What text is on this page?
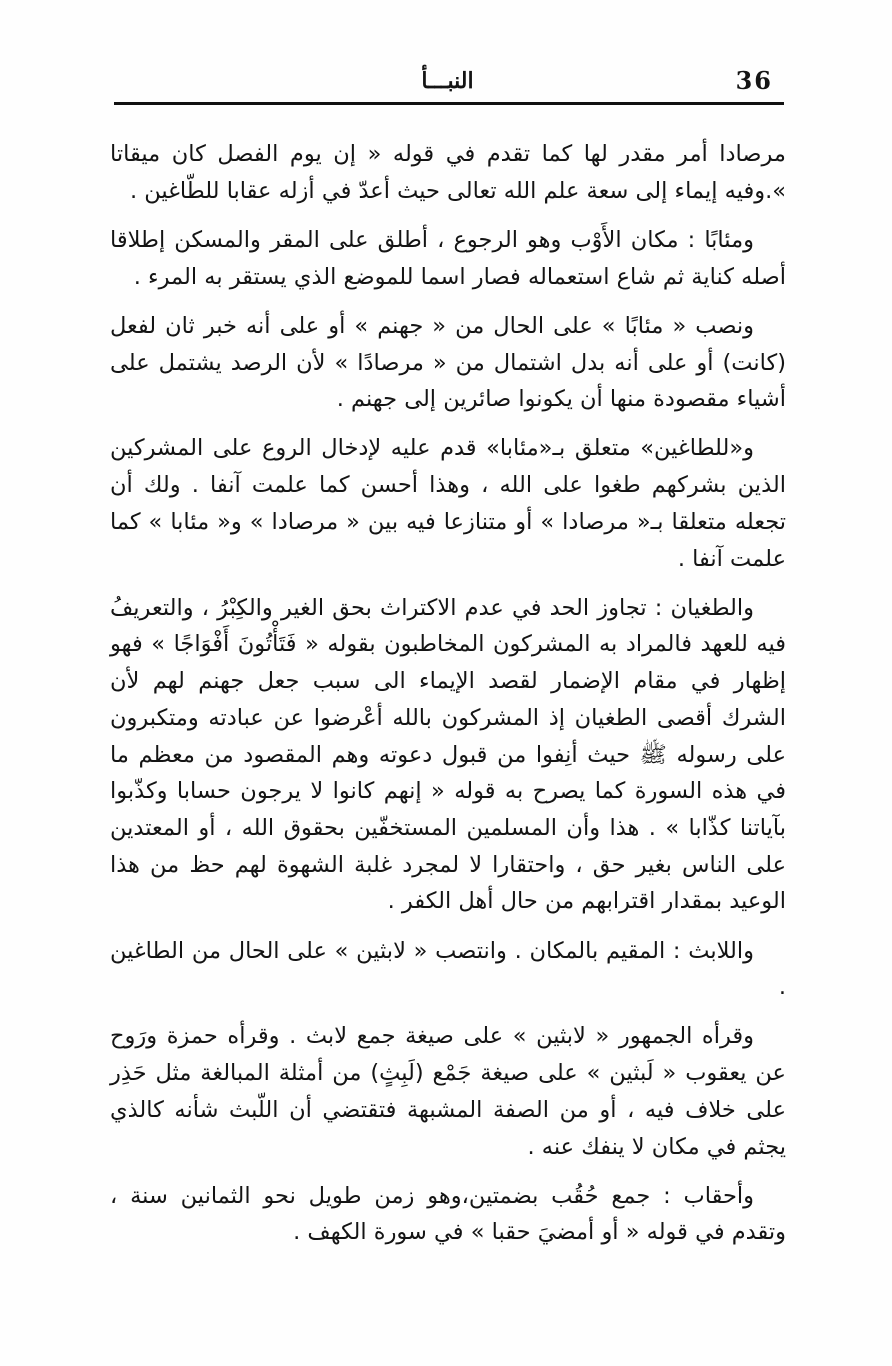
36
النبـــأ

مرصادا أمر مقدر لها كما تقدم في قوله « إن يوم الفصل كان ميقاتا ».وفيه إيماء إلى سعة علم الله تعالى حيث أعدّ في أزله عقابا للطّاغين .

ومئابًا : مكان الأَوْب وهو الرجوع ، أطلق على المقر والمسكن إطلاقا أصله كناية ثم شاع استعماله فصار اسما للموضع الذي يستقر به المرء .

ونصب « مئابًا » على الحال من « جهنم » أو على أنه خبر ثان لفعل (كانت) أو على أنه بدل اشتمال من « مرصادًا » لأن الرصد يشتمل على أشياء مقصودة منها أن يكونوا صائرين إلى جهنم .

و«للطاغين» متعلق بـ«مئابا» قدم عليه لإدخال الروع على المشركين الذين بشركهم طغوا على الله ، وهذا أحسن كما علمت آنفا . ولك أن تجعله متعلقا بـ« مرصادا » أو متنازعا فيه بين « مرصادا » و« مئابا » كما علمت آنفا .

والطغيان : تجاوز الحد في عدم الاكتراث بحق الغير والكِبْرُ ، والتعريفُ فيه للعهد فالمراد به المشركون المخاطبون بقوله « فَتَأْتُونَ أَفْوَاجًا » فهو إظهار في مقام الإضمار لقصد الإيماء الى سبب جعل جهنم لهم لأن الشرك أقصى الطغيان إذ المشركون بالله أعْرضوا عن عبادته ومتكبرون على رسوله ﷺ حيث أنِفوا من قبول دعوته وهم المقصود من معظم ما في هذه السورة كما يصرح به قوله « إنهم كانوا لا يرجون حسابا وكذّبوا بآياتنا كذّابا » . هذا وأن المسلمين المستخفّين بحقوق الله ، أو المعتدين على الناس بغير حق ، واحتقارا لا لمجرد غلبة الشهوة لهم حظ من هذا الوعيد بمقدار اقترابهم من حال أهل الكفر .

واللابث : المقيم بالمكان . وانتصب « لابثين » على الحال من الطاغين .

وقرأه الجمهور « لابثين » على صيغة جمع لابث . وقرأه حمزة ورَوح عن يعقوب « لَبثين » على صيغة جَمْع (لَبِثٍ) من أمثلة المبالغة مثل حَذِر على خلاف فيه ، أو من الصفة المشبهة فتقتضي أن اللّبث شأنه كالذي يجثم في مكان لا ينفك عنه .

وأحقاب : جمع حُقُب بضمتين،وهو زمن طويل نحو الثمانين سنة ، وتقدم في قوله « أو أمضيَ حقبا » في سورة الكهف .
